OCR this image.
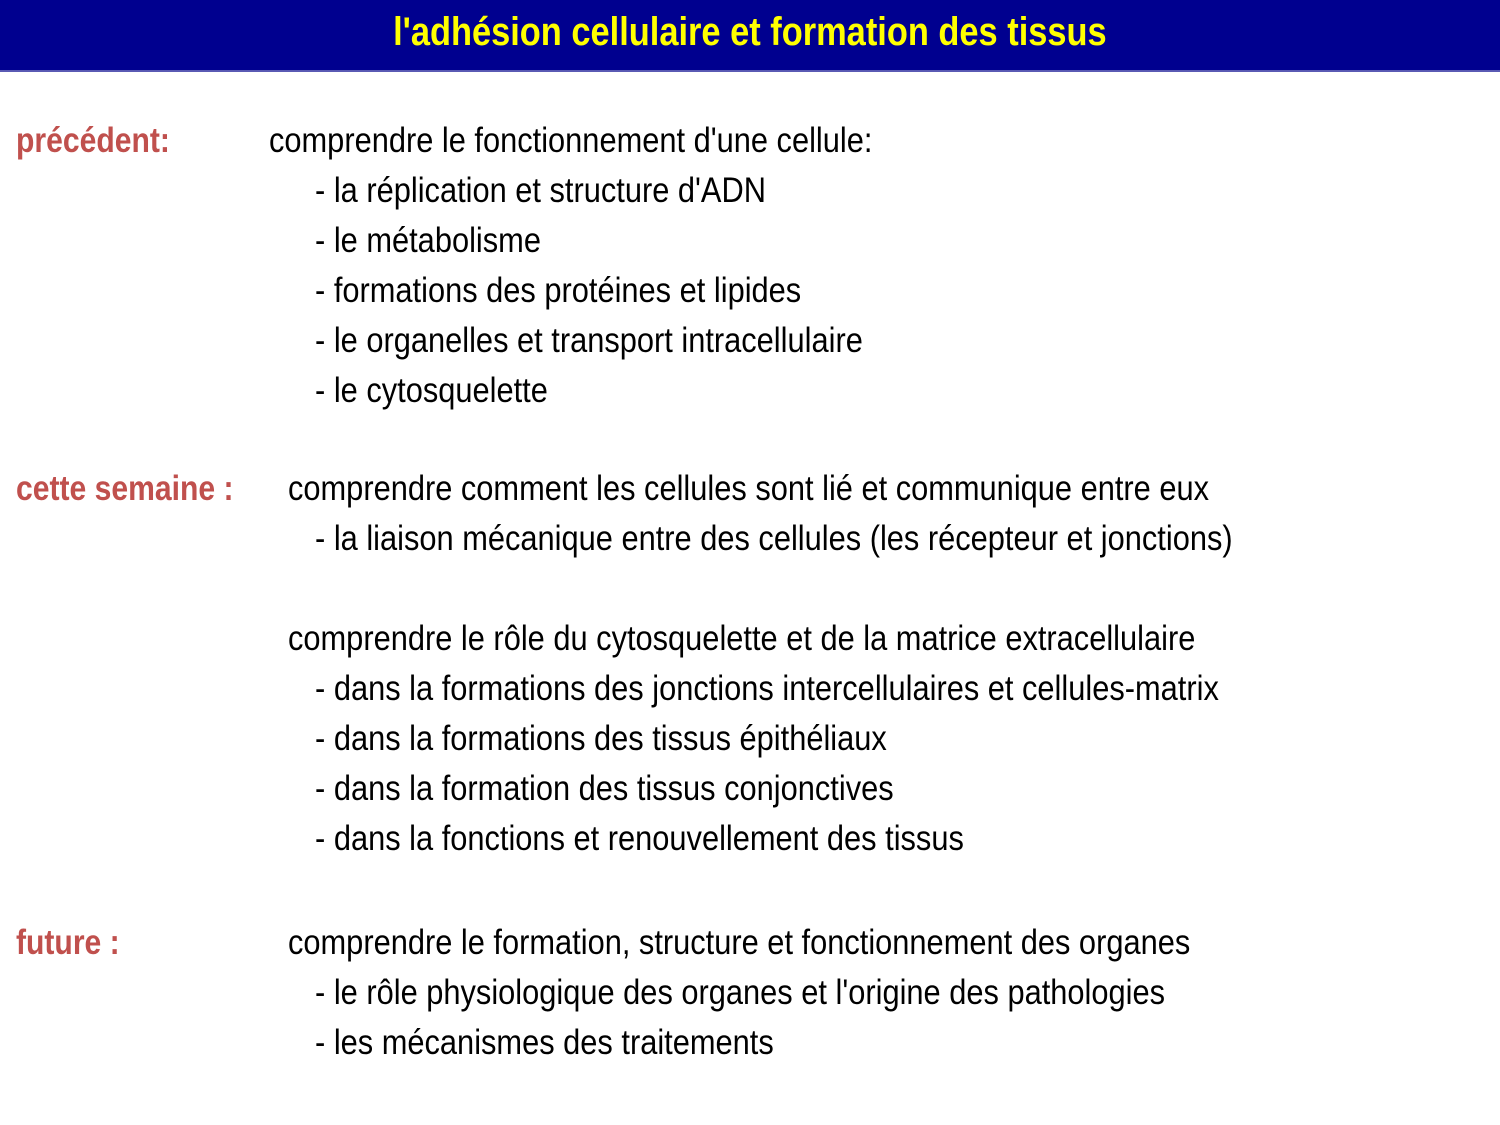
l'adhésion cellulaire et formation des tissus
précédent:	comprendre le fonctionnement d'une cellule:
- la réplication et structure d'ADN
- le métabolisme
- formations des protéines et lipides
- le organelles et transport intracellulaire
- le cytosquelette
cette semaine : comprendre comment les cellules sont lié et communique entre eux
- la liaison mécanique entre des cellules (les récepteur et jonctions)
comprendre le rôle du cytosquelette et de la matrice extracellulaire
- dans la formations des jonctions intercellulaires et cellules-matrix
- dans la formations des tissus épithéliaux
- dans la formation des tissus conjonctives
- dans la fonctions et renouvellement des tissus
future :	comprendre le formation, structure et fonctionnement des organes
- le rôle physiologique des organes et l'origine des pathologies
- les mécanismes des traitements
